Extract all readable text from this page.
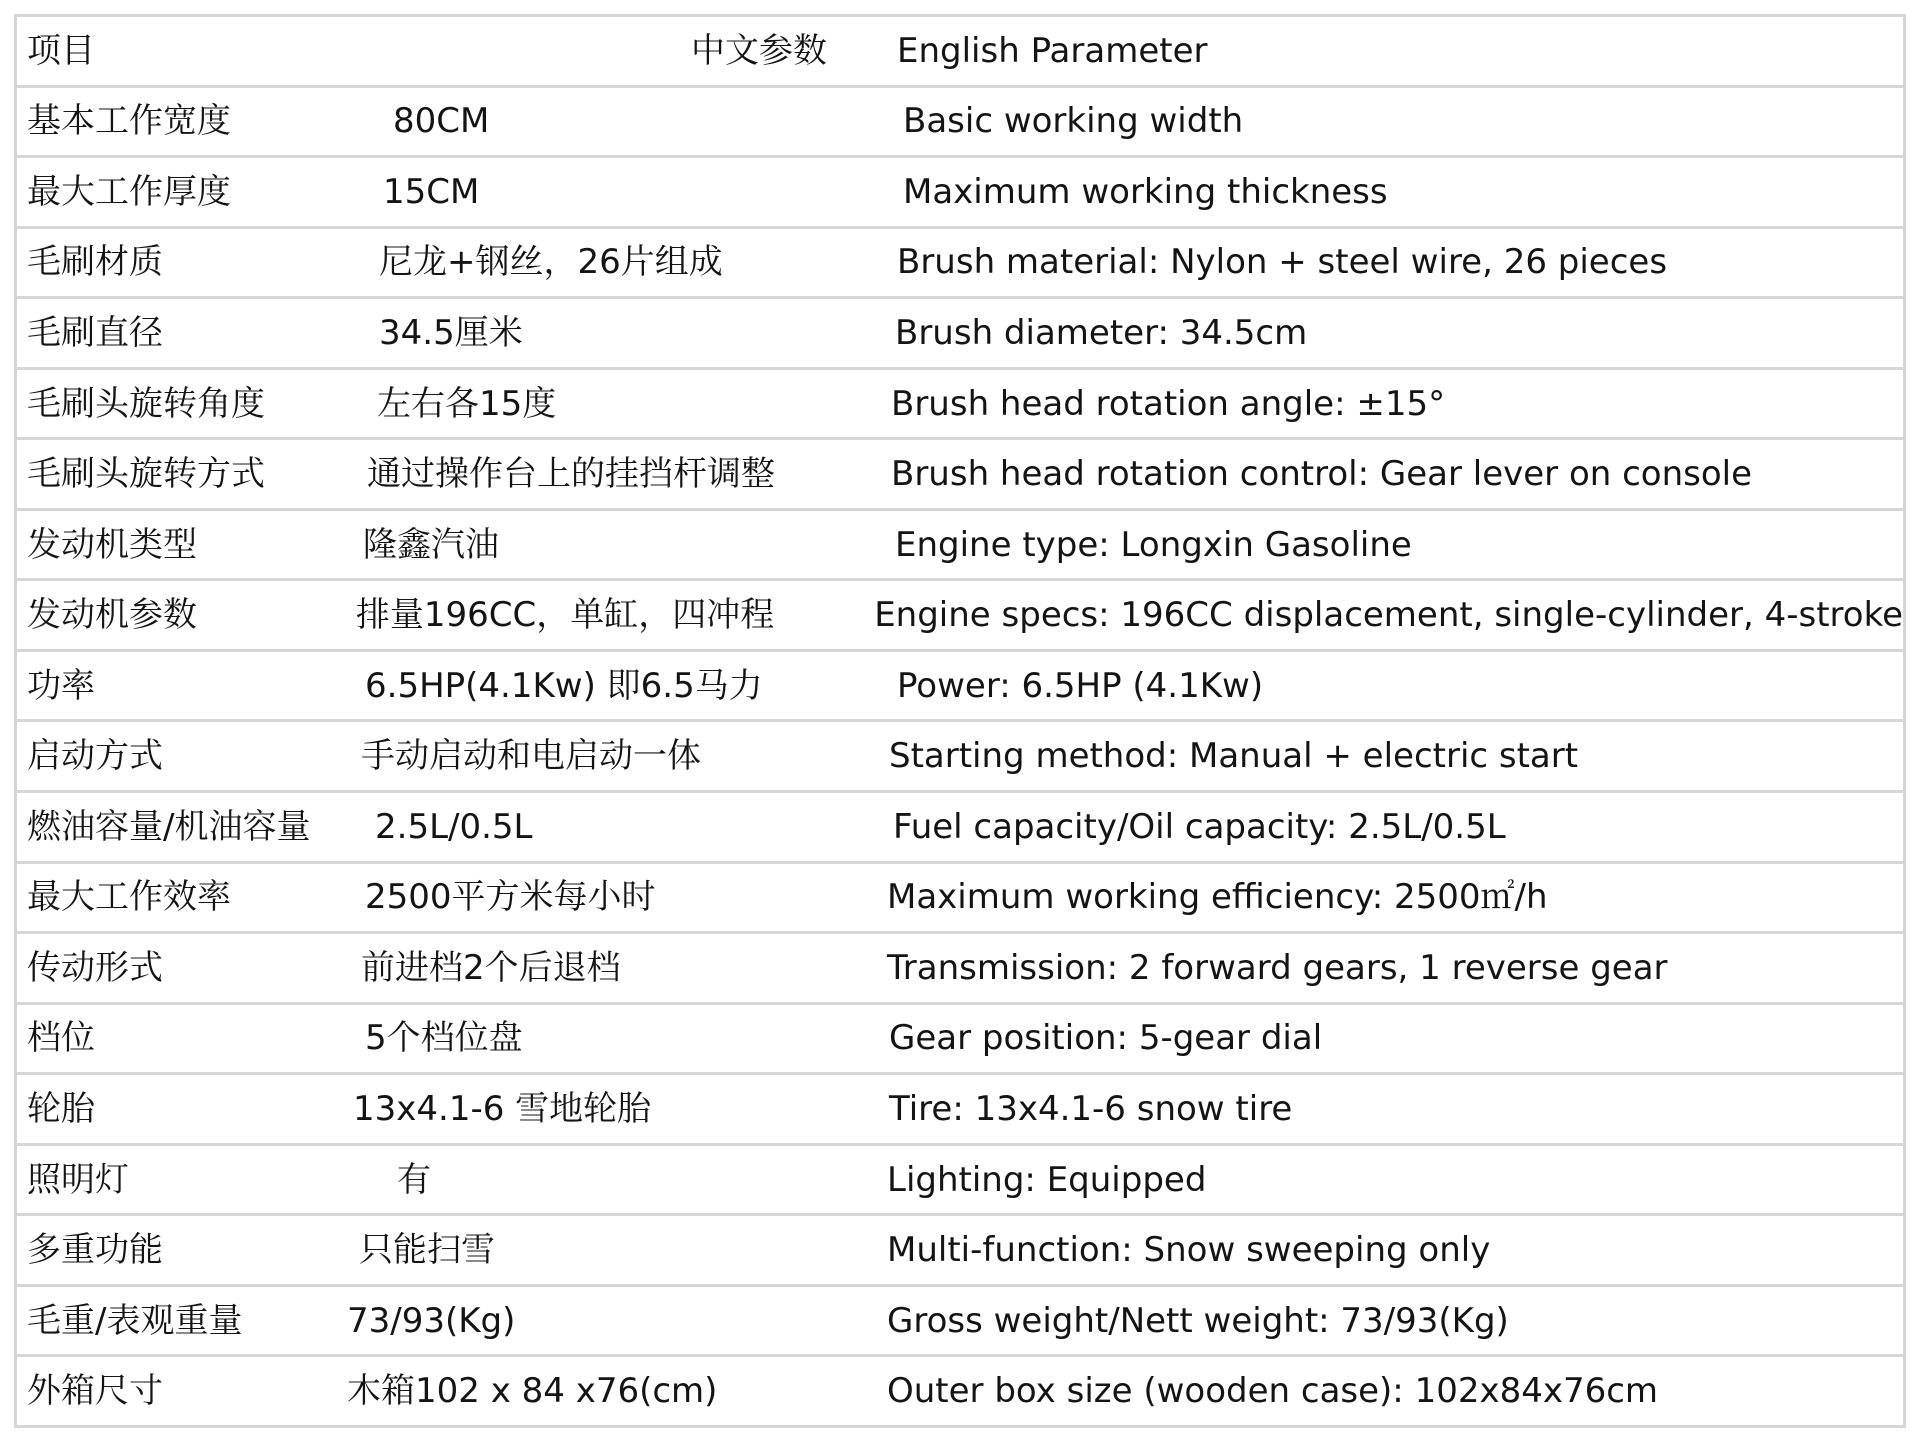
项目	中文参数	English Parameter
基本工作宽度	80CM	Basic working width
最大工作厚度	15CM	Maximum working thickness
毛刷材质	尼龙+钢丝，26片组成	Brush material: Nylon + steel wire, 26 pieces
毛刷直径	34.5厘米	Brush diameter: 34.5cm
毛刷头旋转角度	左右各15度	Brush head rotation angle: ±15°
毛刷头旋转方式	通过操作台上的挂挡杆调整	Brush head rotation control: Gear lever on console
发动机类型	隆鑫汽油	Engine type: Longxin Gasoline
发动机参数	排量196CC，单缸，四冲程	Engine specs: 196CC displacement, single-cylinder, 4-stroke
功率	6.5HP(4.1Kw) 即6.5马力	Power: 6.5HP (4.1Kw)
启动方式	手动启动和电启动一体	Starting method: Manual + electric start
燃油容量/机油容量	2.5L/0.5L	Fuel capacity/Oil capacity: 2.5L/0.5L
最大工作效率	2500平方米每小时	Maximum working efficiency: 2500㎡/h
传动形式	前进档2个后退档	Transmission: 2 forward gears, 1 reverse gear
档位	5个档位盘	Gear position: 5-gear dial
轮胎	13x4.1-6 雪地轮胎	Tire: 13x4.1-6 snow tire
照明灯	有	Lighting: Equipped
多重功能	只能扫雪	Multi-function: Snow sweeping only
毛重/表观重量	73/93(Kg)	Gross weight/Nett weight: 73/93(Kg)
外箱尺寸	木箱102 x 84 x76(cm)	Outer box size (wooden case): 102x84x76cm
